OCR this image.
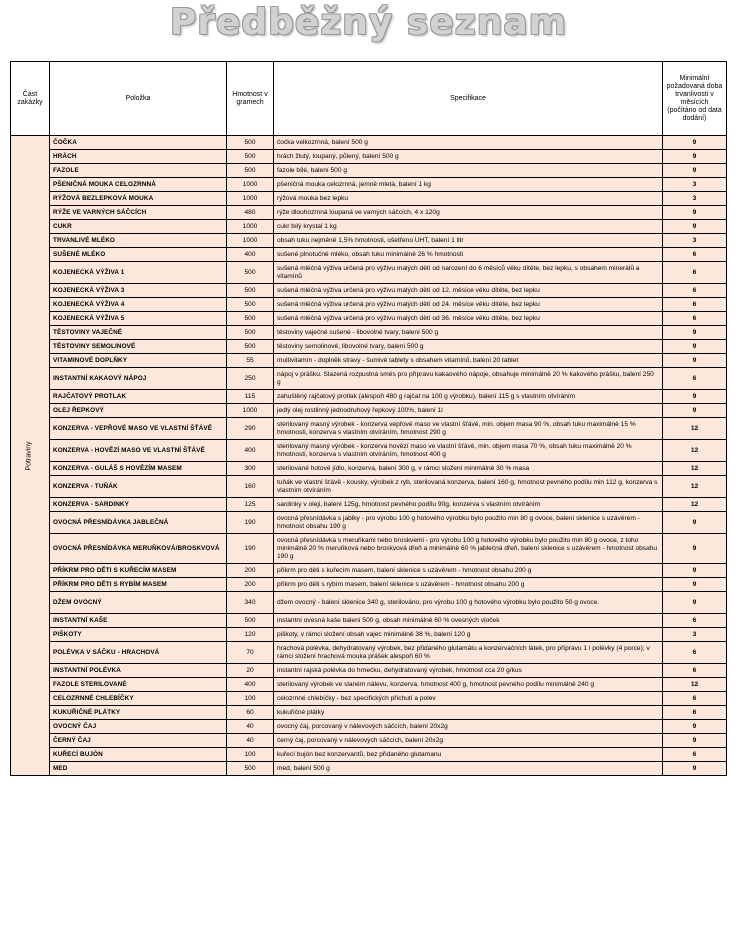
Předběžný seznam
Část zakázky	Položka	Hmotnost v gramech	Specifikace	Minimální požadovaná doba trvanlivosti v měsících (počítáno od data dodání)
Potraviny	ČOČKA	500	čočka velkozrnná, balení 500 g	9
	HRÁCH	500	hrách žlutý, loupaný, půlený, balení 500 g	9
	FAZOLE	500	fazole bílé, balení 500 g	9
	PŠENIČNÁ MOUKA CELOZRNNÁ	1000	pšeničná mouka celozrnná, jemně mletá, balení 1 kg	3
	RÝŽOVÁ BEZLEPKOVÁ MOUKA	1000	rýžová mouka bez lepku	3
	RÝŽE VE VARNÝCH SÁČCÍCH	480	rýže dlouhozrnná loupaná ve varných sáčcích, 4 x 120g	9
	CUKR	1000	cukr bílý krystal 1 kg	9
	TRVANLIVÉ MLÉKO	1000	obsah tuku nejméně 1,5% hmotnosti, ošetřeno UHT, balení 1 litr	3
	SUŠENÉ MLÉKO	400	sušené plnotučné mléko, obsah tuku minimálně 26 % hmotnosti	6
	KOJENECKÁ VÝŽIVA 1	500	sušená mléčná výživa určená pro výživu malých dětí od narození do 6 měsíců věku dítěte, bez lepku, s obsahem minerálů a vitamínů	6
	KOJENECKÁ VÝŽIVA 3	500	sušená mléčná výživa určená pro výživu malých dětí od 12. měsíce věku dítěte, bez lepku	6
	KOJENECKÁ VÝŽIVA 4	500	sušená mléčná výživa určená pro výživu malých dětí od 24. měsíce věku dítěte, bez lepku	6
	KOJENECKÁ VÝŽIVA 5	500	sušená mléčná výživa určená pro výživu malých dětí od 36. měsíce věku dítěte, bez lepku	6
	TĚSTOVINY VAJEČNÉ	500	těstoviny vaječné sušené - libovolné tvary, balení 500 g	9
	TĚSTOVINY SEMOLINOVÉ	500	těstoviny semolinové, libovolné tvary, balení 500 g	9
	VITAMINOVÉ DOPLŇKY	55	multivitamín - doplněk stravy - šumivé tablety s obsahem vitamínů, balení 20 tablet	9
	INSTANTNÍ KAKAOVÝ NÁPOJ	250	nápoj v prášku. Slazená rozpustná směs pro přípravu kakaového nápoje, obsahuje minimálně 20 % kakového prášku, balení 250 g	6
	RAJČATOVÝ PROTLAK	115	zahuštěný rajčatový protlak (alespoň 480 g rajčat na 100 g výrobku), balení 115 g s vlastním otvíráním	9
	OLEJ ŘEPKOVÝ	1000	jedlý olej rostlinný jednodruhový řepkový 100%, balení 1l	9
	KONZERVA - VEPŘOVÉ MASO VE VLASTNÍ ŠŤÁVĚ	290	sterilovaný masný výrobek - konzerva vepřové maso ve vlastní šťávě, min. objem masa 90 %, obsah tuku maximálně 15 % hmotnosti, konzerva s vlastním otvíráním, hmotnost 290 g	12
	KONZERVA - HOVĚZÍ MASO VE VLASTNÍ ŠŤÁVĚ	400	sterilovaný masný výrobek - konzerva hovězí maso ve vlastní šťávě, min. objem masa 70 %, obsah tuku maximálně 20 % hmotnosti, konzerva s vlastním otvíráním, hmotnost 400 g	12
	KONZERVA - GULÁŠ S HOVĚZÍM MASEM	300	sterilované hotové jídlo, konzerva, balení 300 g, v rámci složení minimálně 30 % masa	12
	KONZERVA - TUŇÁK	160	tuňák ve vlastní šťávě - kousky, výrobek z ryb, sterilovaná konzerva, balení 160 g, hmotnost pevného podílu min 112 g, konzerva s vlastním otvíráním	12
	KONZERVA - SARDINKY	125	sardinky v oleji, balení 125g, hmotnost pevného podílu 90g, konzerva s vlastním otvíráním	12
	OVOCNÁ PŘESNÍDÁVKA JABLEČNÁ	190	ovocná přesnídávka s jablky - pro výrobu 100 g hotového výrobku bylo použito min 80 g ovoce, balení sklenice s uzávěrem - hmotnost obsahu 190 g	9
	OVOCNÁ PŘESNÍDÁVKA MERUŇKOVÁ/BROSKVOVÁ	190	ovocná přesnídávka s meruňkami nebo broskvemi - pro výrobu 100 g hotového výrobku bylo použito min 80 g ovoce, z toho minimálně 20 % meruňková nebo broskvová dřeň a minimálně 60 % jablečná dřeň, balení sklenice s uzávěrem - hmotnost obsahu 190 g	9
	PŘÍKRM PRO DĚTI S KUŘECÍM MASEM	200	příkrm pro děti s kuřecím masem, balení sklenice s uzávěrem - hmotnost obsahu 200 g	9
	PŘÍKRM PRO DĚTI S RYBÍM MASEM	200	příkrm pro děti s rybím masem, balení sklenice s uzávěrem - hmotnost obsahu 200 g	9
	DŽEM OVOCNÝ	340	džem ovocný - balení sklenice 340 g, sterilováno, pro výrobu 100 g hotového výrobku bylo použito 50 g ovoce.	9
	INSTANTNÍ KAŠE	500	instantní ovesná kaše balení 500 g, obsah minimálně 60 % ovesných vloček	6
	PIŠKOTY	120	piškoty, v rámci složení obsah vajec minimálně 38 %, balení 120 g	3
	POLÉVKA V SÁČKU - HRACHOVÁ	70	hrachová polévka, dehydratovaný výrobek, bez přidaného glutamátu a konzervačních látek, pro přípravu 1 l polévky (4 porce); v rámci složení hrachová mouka prášek alespoň 60 %	6
	INSTANTNÍ POLÉVKA	20	instantní rajská polévka do hrnečku, dehydratovaný výrobek, hmotnost cca 20 g/kus	6
	FAZOLE STERILOVANÉ	400	sterilovaný výrobek ve slaném nálevu, konzerva, hmotnost 400 g, hmotnost pevného podílu minimálně 240 g	12
	CELOZRNNÉ CHLEBÍČKY	100	celozrnné chlebíčky - bez specifických příchutí a polev	6
	KUKUŘIČNÉ PLÁTKY	60	kukuřičné plátky	6
	OVOCNÝ ČAJ	40	ovocný čaj, porcovaný v nálevových sáčcích, balení 20x2g	9
	ČERNÝ ČAJ	40	černý čaj, porcovaný v nálevových sáčcích, balení 20x2g	9
	KUŘECÍ BUJÓN	100	kuřecí bujón bez konzervantů, bez přidaného glutamanu	6
	MED	500	med, balení 500 g	9
